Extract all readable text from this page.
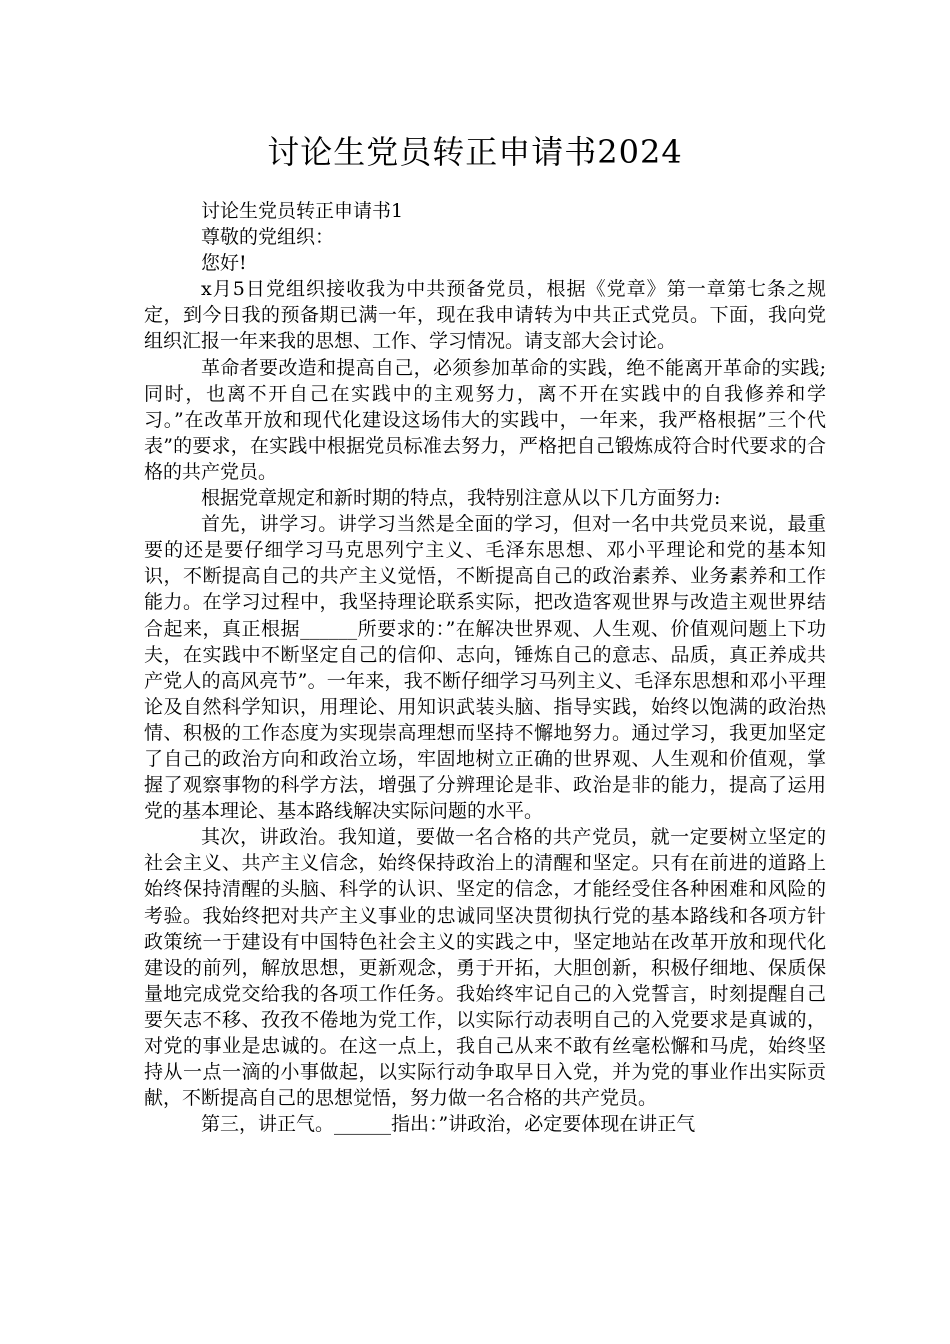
讨论生党员转正申请书2024

讨论生党员转正申请书1

尊敬的党组织：

您好!

x月5日党组织接收我为中共预备党员，根据《党章》第一章第七条之规定，到今日我的预备期已满一年，现在我申请转为中共正式党员。下面，我向党组织汇报一年来我的思想、工作、学习情况。请支部大会讨论。

革命者要改造和提高自己，必须参加革命的实践，绝不能离开革命的实践;同时，也离不开自己在实践中的主观努力，离不开在实践中的自我修养和学习。”在改革开放和现代化建设这场伟大的实践中，一年来，我严格根据”三个代表”的要求，在实践中根据党员标准去努力，严格把自己锻炼成符合时代要求的合格的共产党员。

根据党章规定和新时期的特点，我特别注意从以下几方面努力:

首先，讲学习。讲学习当然是全面的学习，但对一名中共党员来说，最重要的还是要仔细学习马克思列宁主义、毛泽东思想、邓小平理论和党的基本知识，不断提高自己的共产主义觉悟，不断提高自己的政治素养、业务素养和工作能力。在学习过程中，我坚持理论联系实际，把改造客观世界与改造主观世界结合起来，真正根据______所要求的：”在解决世界观、人生观、价值观问题上下功夫，在实践中不断坚定自己的信仰、志向，锤炼自己的意志、品质，真正养成共产党人的高风亮节”。一年来，我不断仔细学习马列主义、毛泽东思想和邓小平理论及自然科学知识，用理论、用知识武装头脑、指导实践，始终以饱满的政治热情、积极的工作态度为实现崇高理想而坚持不懈地努力。通过学习，我更加坚定了自己的政治方向和政治立场，牢固地树立正确的世界观、人生观和价值观，掌握了观察事物的科学方法，增强了分辨理论是非、政治是非的能力，提高了运用党的基本理论、基本路线解决实际问题的水平。

其次，讲政治。我知道，要做一名合格的共产党员，就一定要树立坚定的社会主义、共产主义信念，始终保持政治上的清醒和坚定。只有在前进的道路上始终保持清醒的头脑、科学的认识、坚定的信念，才能经受住各种困难和风险的考验。我始终把对共产主义事业的忠诚同坚决贯彻执行党的基本路线和各项方针政策统一于建设有中国特色社会主义的实践之中，坚定地站在改革开放和现代化建设的前列，解放思想，更新观念，勇于开拓，大胆创新，积极仔细地、保质保量地完成党交给我的各项工作任务。我始终牢记自己的入党誓言，时刻提醒自己要矢志不移、孜孜不倦地为党工作，以实际行动表明自己的入党要求是真诚的，对党的事业是忠诚的。在这一点上，我自己从来不敢有丝毫松懈和马虎，始终坚持从一点一滴的小事做起，以实际行动争取早日入党，并为党的事业作出实际贡献，不断提高自己的思想觉悟，努力做一名合格的共产党员。

第三，讲正气。______指出：”讲政治，必定要体现在讲正气
